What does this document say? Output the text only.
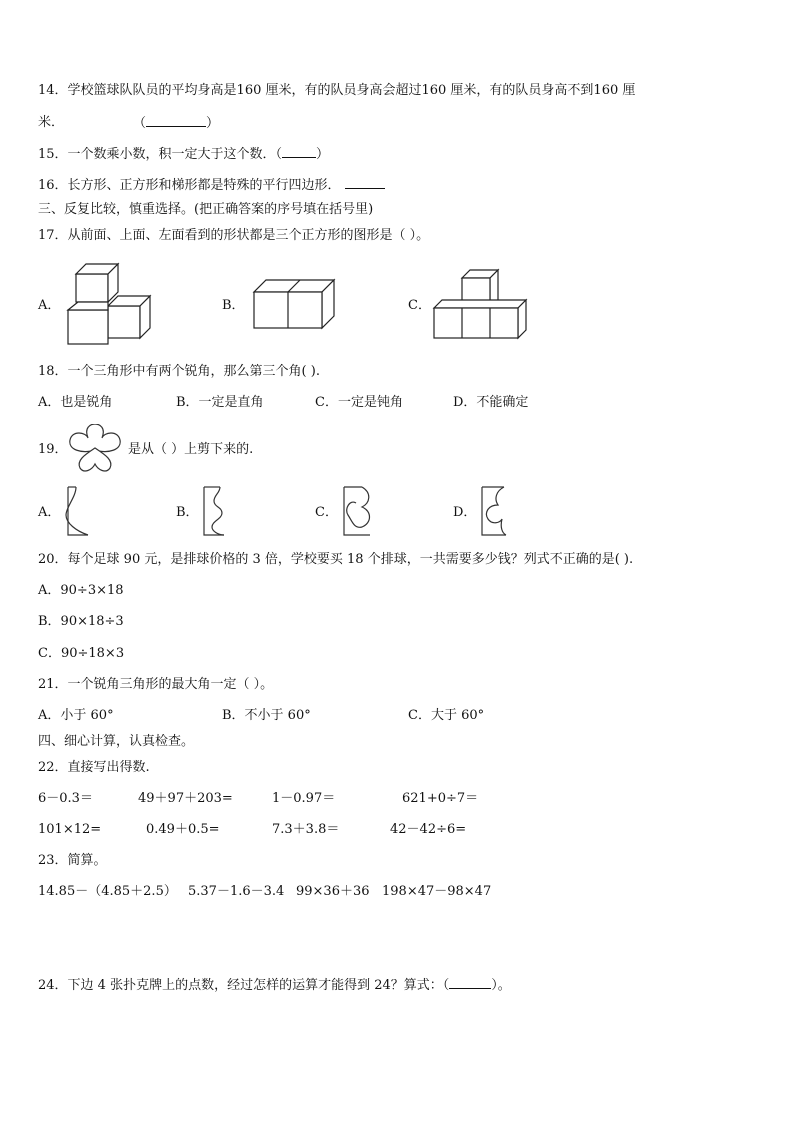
14．学校篮球队队员的平均身高是160 厘米，有的队员身高会超过160 厘米，有的队员身高不到160 厘
米．	（	）
15．一个数乘小数，积一定大于这个数．（	）
16．长方形、正方形和梯形都是特殊的平行四边形．
三、反复比较，慎重选择。(把正确答案的序号填在括号里)
17．从前面、上面、左面看到的形状都是三个正方形的图形是（ ）。
A．	B．	C．
18．一个三角形中有两个锐角，那么第三个角( ).
A．也是锐角	B．一定是直角	C．一定是钝角	D．不能确定
19．	是从（ ）上剪下来的.
A．	B．	C．	D．
20．每个足球 90 元，是排球价格的 3 倍，学校要买 18 个排球，一共需要多少钱？列式不正确的是( ).
A．90÷3×18
B．90×18÷3
C．90÷18×3
21．一个锐角三角形的最大角一定（ ）。
A．小于 60°	B．不小于 60°	C．大于 60°
四、细心计算，认真检查。
22．直接写出得数.
6－0.3＝	49＋97＋203=	1－0.97＝	621+0÷7＝
101×12=	0.49＋0.5=	7.3＋3.8＝	42－42÷6=
23．简算。
14.85－（4.85＋2.5） 5.37－1.6－3.4 99×36＋36 198×47－98×47
24．下边 4 张扑克牌上的点数，经过怎样的运算才能得到 24？算式：（	）。
